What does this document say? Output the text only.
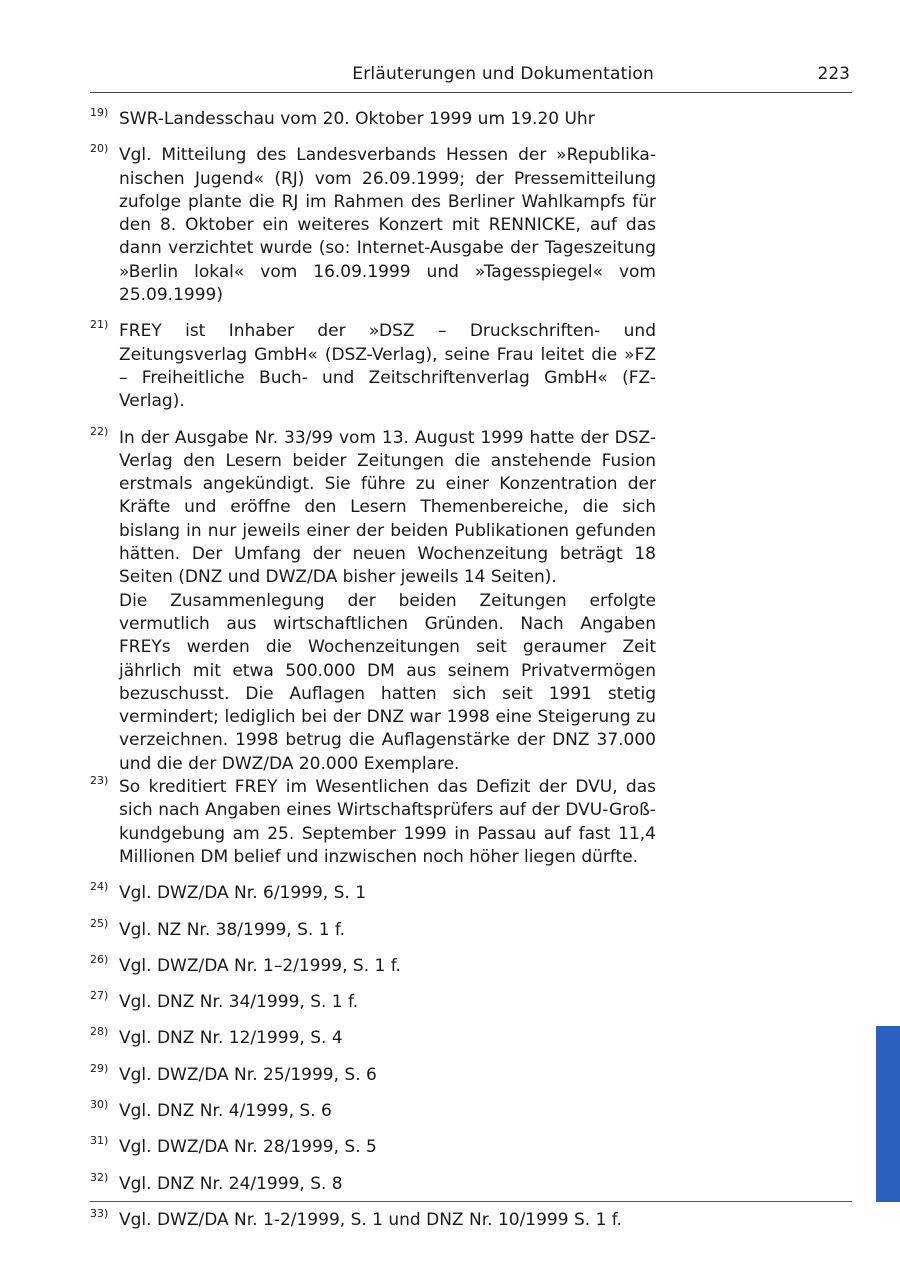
Erläuterungen und Dokumentation	223
19) SWR-Landesschau vom 20. Oktober 1999 um 19.20 Uhr

20) Vgl. Mitteilung des Landesverbands Hessen der »Republikanischen Jugend« (RJ) vom 26.09.1999; der Pressemitteilung zufolge plante die RJ im Rahmen des Berliner Wahlkampfs für den 8. Oktober ein weiteres Konzert mit RENNICKE, auf das dann verzichtet wurde (so: Internet-Ausgabe der Tageszeitung »Berlin lokal« vom 16.09.1999 und »Tagesspiegel« vom 25.09.1999)

21) FREY ist Inhaber der »DSZ – Druckschriften- und Zeitungsverlag GmbH« (DSZ-Verlag), seine Frau leitet die »FZ – Freiheitliche Buch- und Zeitschriftenverlag GmbH« (FZ-Verlag).

22) In der Ausgabe Nr. 33/99 vom 13. August 1999 hatte der DSZ-Verlag den Lesern beider Zeitungen die anstehende Fusion erstmals angekündigt. Sie führe zu einer Konzentration der Kräfte und eröffne den Lesern Themenbereiche, die sich bislang in nur jeweils einer der beiden Publikationen gefunden hätten. Der Umfang der neuen Wochenzeitung beträgt 18 Seiten (DNZ und DWZ/DA bisher jeweils 14 Seiten).

Die Zusammenlegung der beiden Zeitungen erfolgte vermutlich aus wirtschaftlichen Gründen. Nach Angaben FREYs werden die Wochenzeitungen seit geraumer Zeit jährlich mit etwa 500.000 DM aus seinem Privatvermögen bezuschusst. Die Auflagen hatten sich seit 1991 stetig vermindert; lediglich bei der DNZ war 1998 eine Steigerung zu verzeichnen. 1998 betrug die Auflagenstärke der DNZ 37.000 und die der DWZ/DA 20.000 Exemplare.

23) So kreditiert FREY im Wesentlichen das Defizit der DVU, das sich nach Angaben eines Wirtschaftsprüfers auf der DVU-Großkundgebung am 25. September 1999 in Passau auf fast 11,4 Millionen DM belief und inzwischen noch höher liegen dürfte.

24) Vgl. DWZ/DA Nr. 6/1999, S. 1

25) Vgl. NZ Nr. 38/1999, S. 1 f.

26) Vgl. DWZ/DA Nr. 1–2/1999, S. 1 f.

27) Vgl. DNZ Nr. 34/1999, S. 1 f.

28) Vgl. DNZ Nr. 12/1999, S. 4

29) Vgl. DWZ/DA Nr. 25/1999, S. 6

30) Vgl. DNZ Nr. 4/1999, S. 6

31) Vgl. DWZ/DA Nr. 28/1999, S. 5

32) Vgl. DNZ Nr. 24/1999, S. 8

33) Vgl. DWZ/DA Nr. 1-2/1999, S. 1 und DNZ Nr. 10/1999 S. 1 f.
